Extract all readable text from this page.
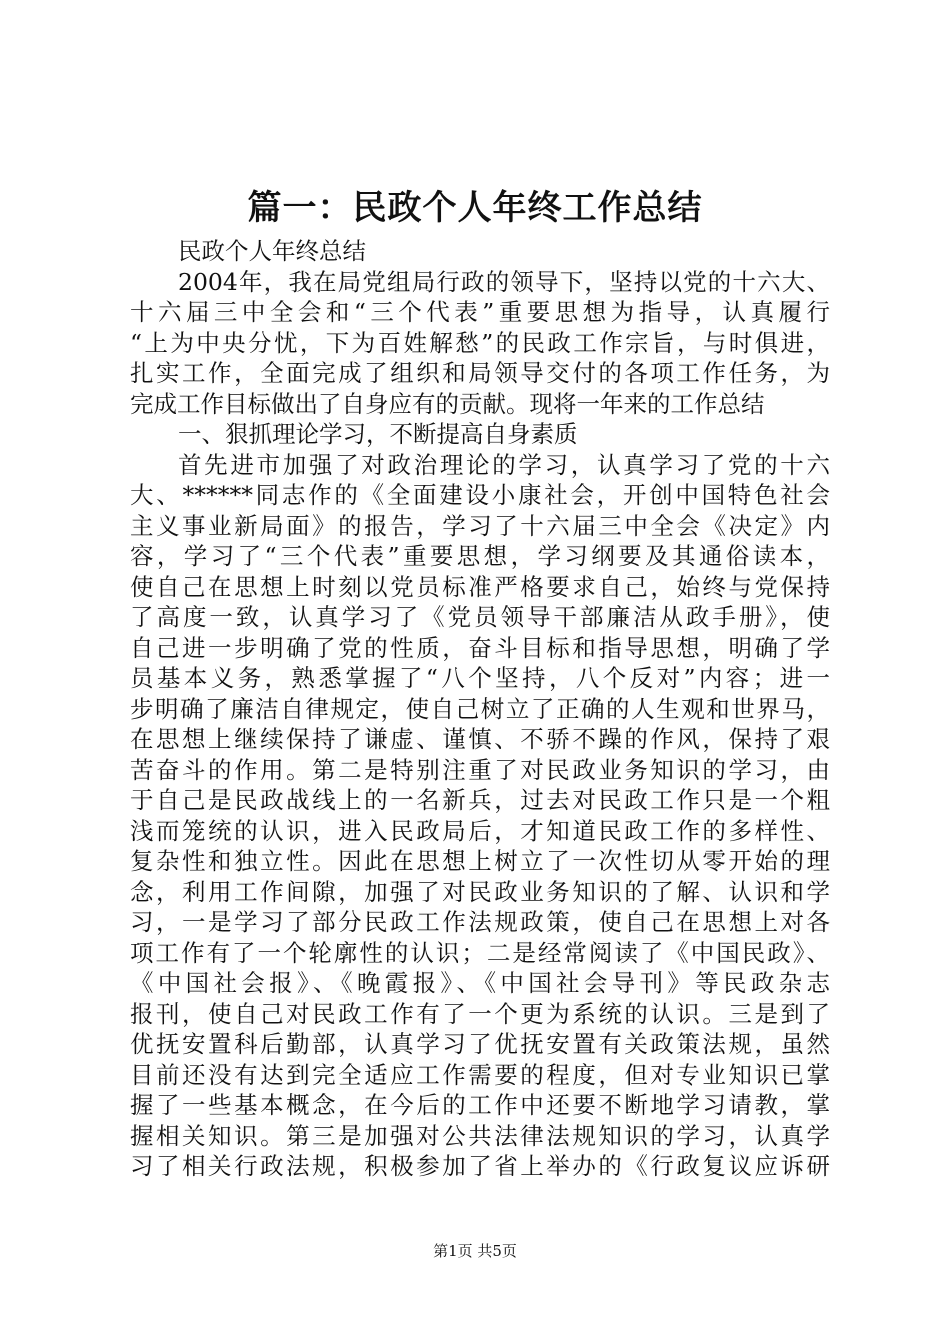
篇一：民政个人年终工作总结
民政个人年终总结
2004年，我在局党组局行政的领导下，坚持以党的十六大、
十六届三中全会和“三个代表”重要思想为指导，认真履行
“上为中央分忧，下为百姓解愁”的民政工作宗旨，与时俱进，
扎实工作，全面完成了组织和局领导交付的各项工作任务，为
完成工作目标做出了自身应有的贡献。现将一年来的工作总结
一、狠抓理论学习，不断提高自身素质
首先进市加强了对政治理论的学习，认真学习了党的十六
大、******同志作的《全面建设小康社会，开创中国特色社会
主义事业新局面》的报告，学习了十六届三中全会《决定》内
容，学习了“三个代表”重要思想，学习纲要及其通俗读本，
使自己在思想上时刻以党员标准严格要求自己，始终与党保持
了高度一致，认真学习了《党员领导干部廉洁从政手册》，使
自己进一步明确了党的性质，奋斗目标和指导思想，明确了学
员基本义务，熟悉掌握了“八个坚持，八个反对”内容；进一
步明确了廉洁自律规定，使自己树立了正确的人生观和世界马，
在思想上继续保持了谦虚、谨慎、不骄不躁的作风，保持了艰
苦奋斗的作用。第二是特别注重了对民政业务知识的学习，由
于自己是民政战线上的一名新兵，过去对民政工作只是一个粗
浅而笼统的认识，进入民政局后，才知道民政工作的多样性、
复杂性和独立性。因此在思想上树立了一次性切从零开始的理
念，利用工作间隙，加强了对民政业务知识的了解、认识和学
习，一是学习了部分民政工作法规政策，使自己在思想上对各
项工作有了一个轮廓性的认识；二是经常阅读了《中国民政》、
《中国社会报》、《晚霞报》、《中国社会导刊》等民政杂志
报刊，使自己对民政工作有了一个更为系统的认识。三是到了
优抚安置科后勤部，认真学习了优抚安置有关政策法规，虽然
目前还没有达到完全适应工作需要的程度，但对专业知识已掌
握了一些基本概念，在今后的工作中还要不断地学习请教，掌
握相关知识。第三是加强对公共法律法规知识的学习，认真学
习了相关行政法规，积极参加了省上举办的《行政复议应诉研
第1页 共5页
